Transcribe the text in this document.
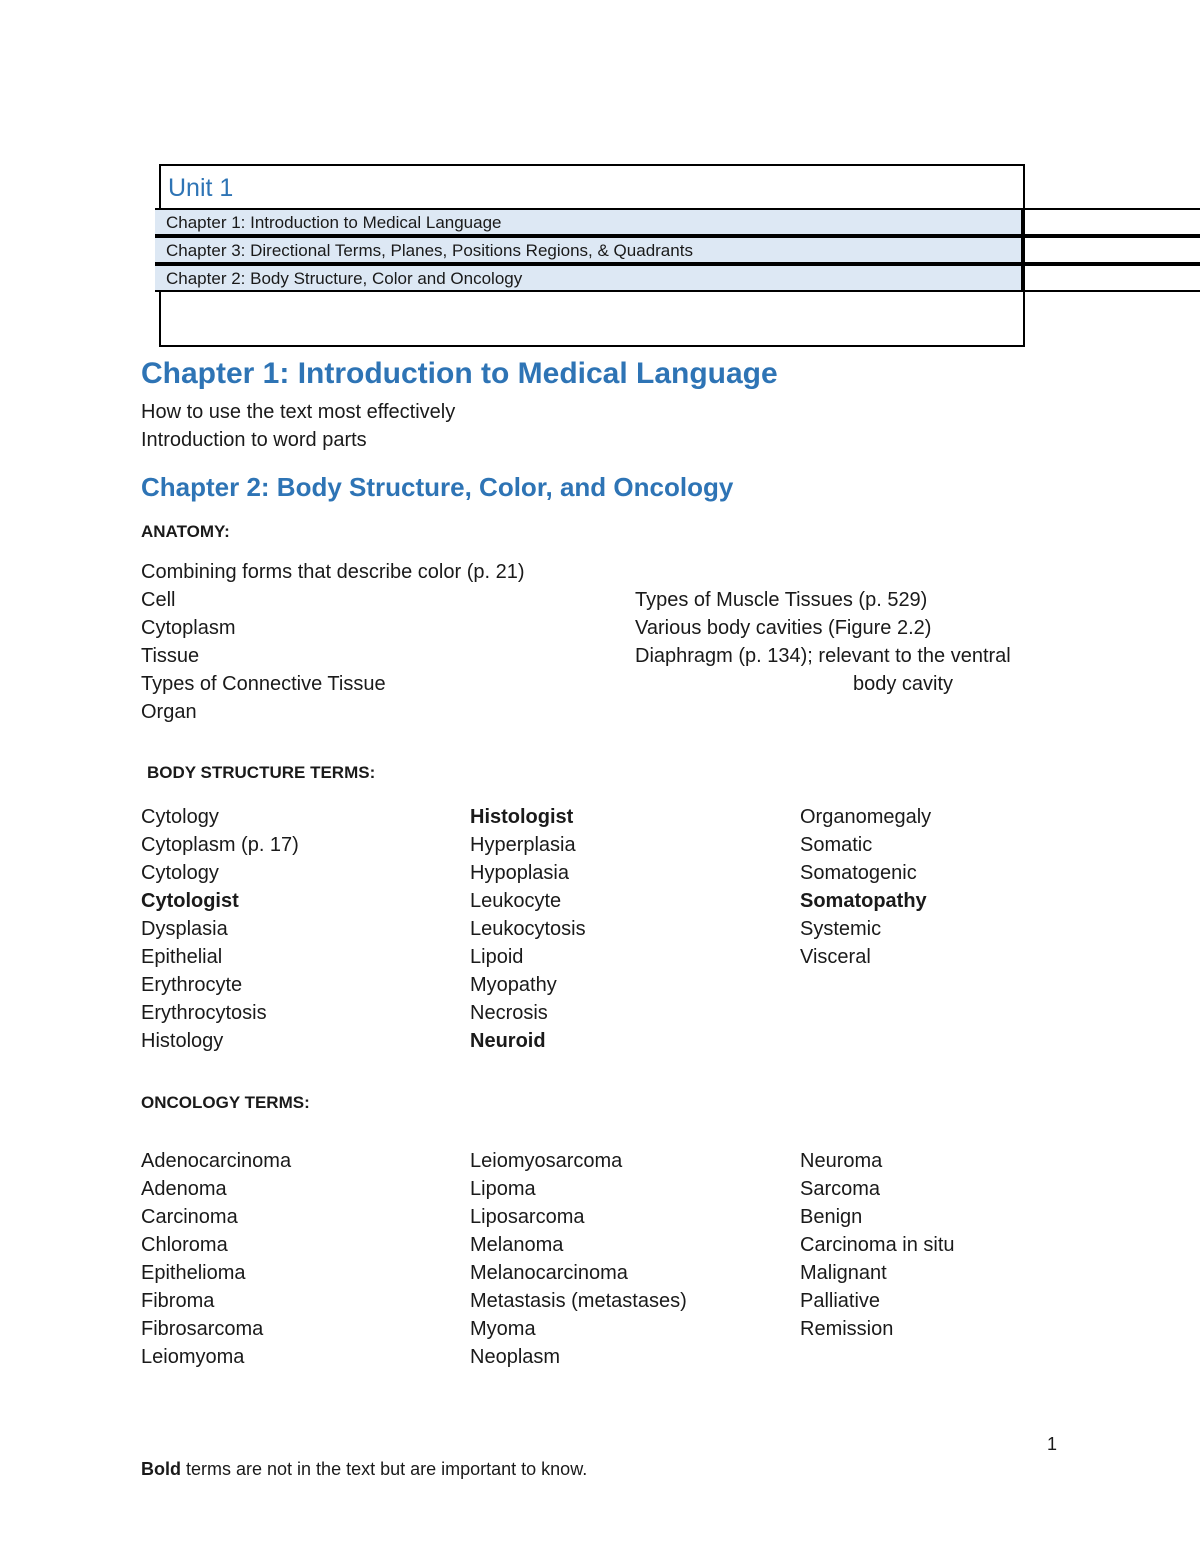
Unit 1
Chapter 1: Introduction to Medical Language
Chapter 3: Directional Terms, Planes, Positions Regions, & Quadrants
Chapter 2: Body Structure, Color and Oncology
Chapter 1: Introduction to Medical Language
How to use the text most effectively
Introduction to word parts
Chapter 2: Body Structure, Color, and Oncology
ANATOMY:
Combining forms that describe color (p. 21)
Cell
Cytoplasm
Tissue
Types of Connective Tissue
Organ
Types of Muscle Tissues (p. 529)
Various body cavities (Figure 2.2)
Diaphragm (p. 134); relevant to the ventral
body cavity
BODY STRUCTURE TERMS:
Cytology
Cytoplasm (p. 17)
Cytology
Cytologist
Dysplasia
Epithelial
Erythrocyte
Erythrocytosis
Histology
Histologist
Hyperplasia
Hypoplasia
Leukocyte
Leukocytosis
Lipoid
Myopathy
Necrosis
Neuroid
Organomegaly
Somatic
Somatogenic
Somatopathy
Systemic
Visceral
ONCOLOGY TERMS:
Adenocarcinoma
Adenoma
Carcinoma
Chloroma
Epithelioma
Fibroma
Fibrosarcoma
Leiomyoma
Leiomyosarcoma
Lipoma
Liposarcoma
Melanoma
Melanocarcinoma
Metastasis (metastases)
Myoma
Neoplasm
Neuroma
Sarcoma
Benign
Carcinoma in situ
Malignant
Palliative
Remission
1
Bold terms are not in the text but are important to know.
